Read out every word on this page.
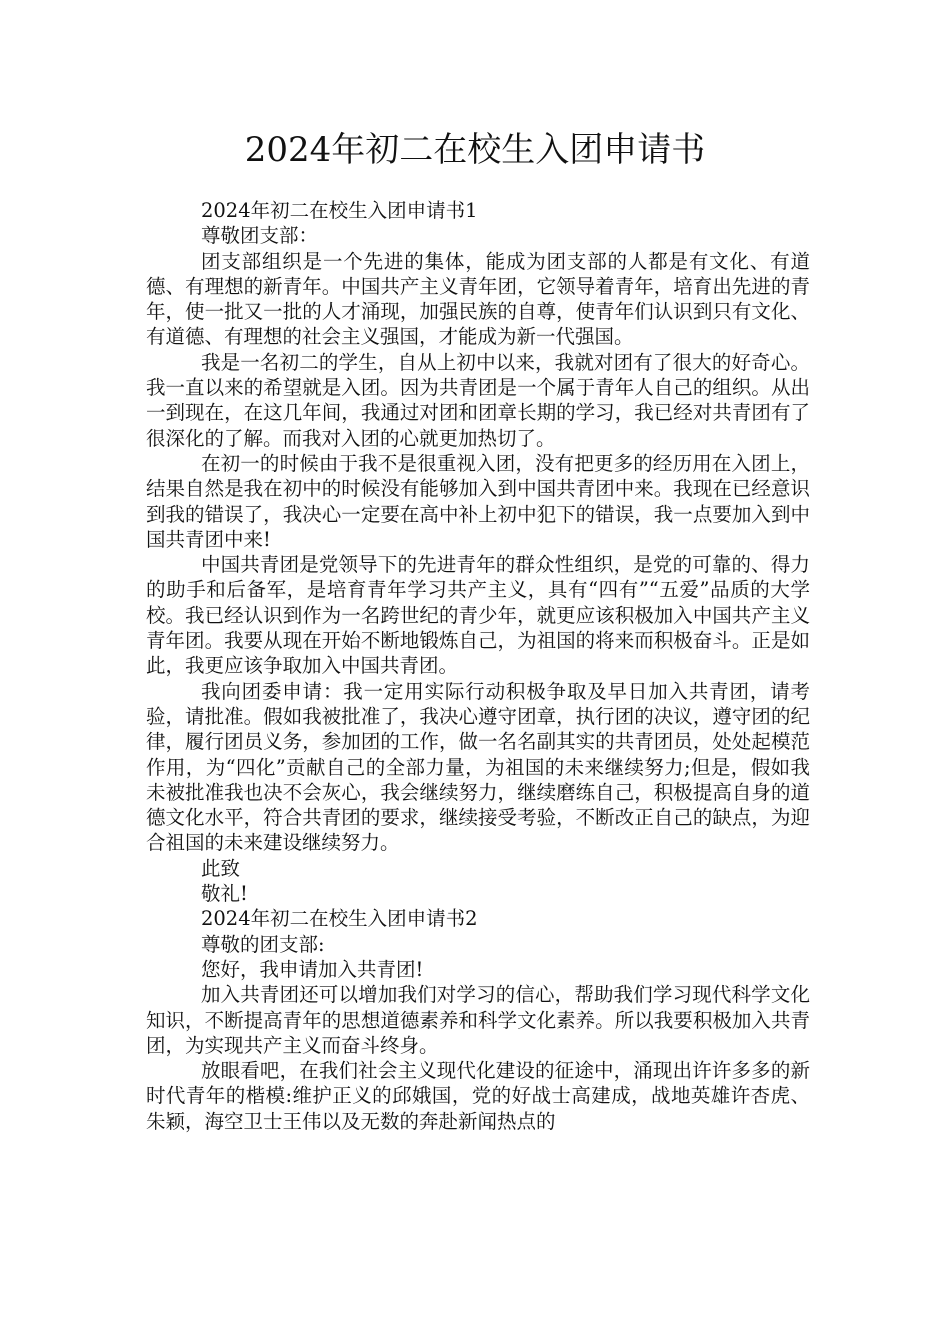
2024年初二在校生入团申请书

2024年初二在校生入团申请书1

尊敬团支部：

团支部组织是一个先进的集体，能成为团支部的人都是有文化、有道德、有理想的新青年。中国共产主义青年团，它领导着青年，培育出先进的青年，使一批又一批的人才涌现，加强民族的自尊，使青年们认识到只有文化、有道德、有理想的社会主义强国，才能成为新一代强国。

我是一名初二的学生，自从上初中以来，我就对团有了很大的好奇心。我一直以来的希望就是入团。因为共青团是一个属于青年人自己的组织。从出一到现在，在这几年间，我通过对团和团章长期的学习，我已经对共青团有了很深化的了解。而我对入团的心就更加热切了。

在初一的时候由于我不是很重视入团，没有把更多的经历用在入团上，结果自然是我在初中的时候没有能够加入到中国共青团中来。我现在已经意识到我的错误了，我决心一定要在高中补上初中犯下的错误，我一点要加入到中国共青团中来!

中国共青团是党领导下的先进青年的群众性组织，是党的可靠的、得力的助手和后备军，是培育青年学习共产主义，具有“四有”“五爱”品质的大学校。我已经认识到作为一名跨世纪的青少年，就更应该积极加入中国共产主义青年团。我要从现在开始不断地锻炼自己，为祖国的将来而积极奋斗。正是如此，我更应该争取加入中国共青团。

我向团委申请：我一定用实际行动积极争取及早日加入共青团，请考验，请批准。假如我被批准了，我决心遵守团章，执行团的决议，遵守团的纪律，履行团员义务，参加团的工作，做一名名副其实的共青团员，处处起模范作用，为“四化”贡献自己的全部力量，为祖国的未来继续努力;但是，假如我未被批准我也决不会灰心，我会继续努力，继续磨练自己，积极提高自身的道德文化水平，符合共青团的要求，继续接受考验，不断改正自己的缺点，为迎合祖国的未来建设继续努力。

此致

敬礼!

2024年初二在校生入团申请书2

尊敬的团支部:

您好，我申请加入共青团!

加入共青团还可以增加我们对学习的信心，帮助我们学习现代科学文化知识，不断提高青年的思想道德素养和科学文化素养。所以我要积极加入共青团，为实现共产主义而奋斗终身。

放眼看吧，在我们社会主义现代化建设的征途中，涌现出许许多多的新时代青年的楷模:维护正义的邱娥国，党的好战士高建成，战地英雄许杏虎、朱颖，海空卫士王伟以及无数的奔赴新闻热点的
